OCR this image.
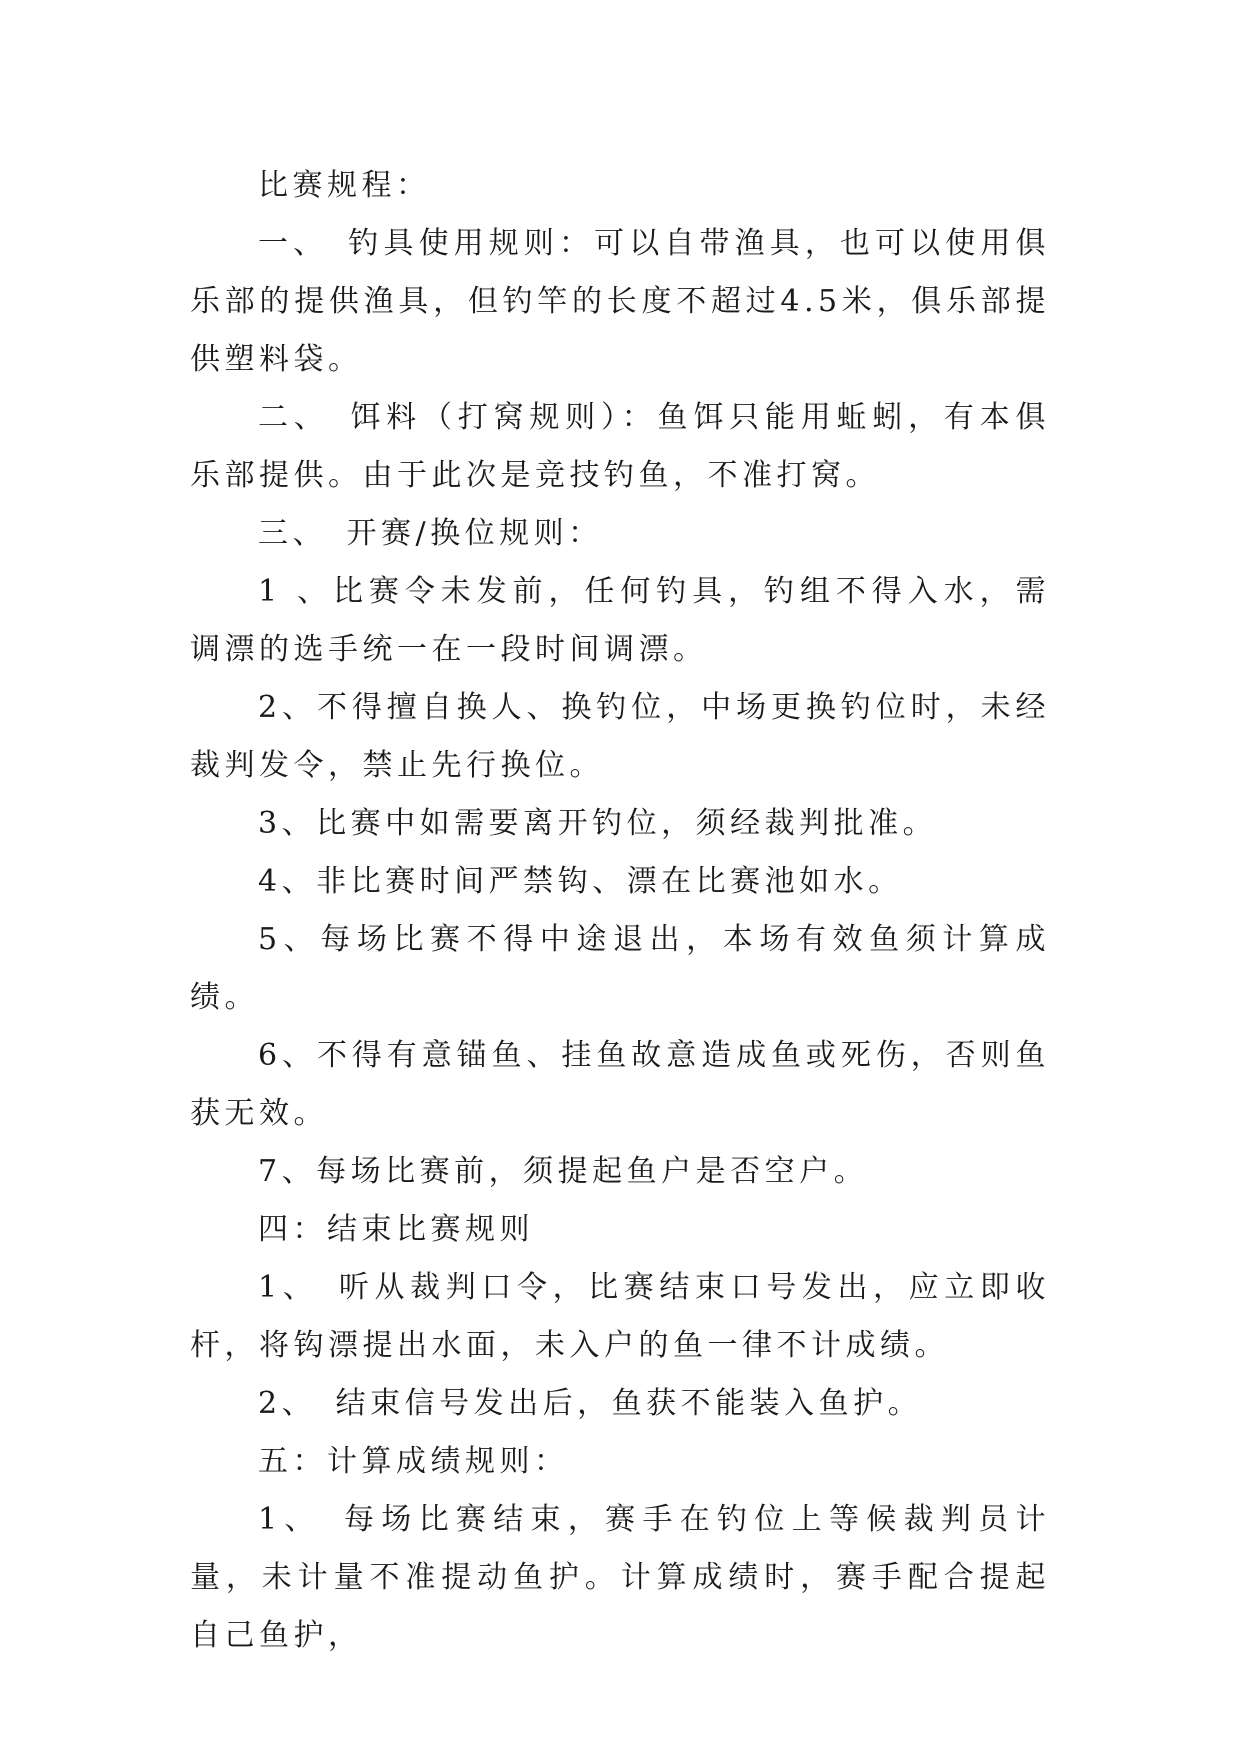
比赛规程：

一、　钓具使用规则：可以自带渔具，也可以使用俱乐部的提供渔具，但钓竿的长度不超过4.5米，俱乐部提供塑料袋。

二、　饵料（打窝规则）：鱼饵只能用蚯蚓，有本俱乐部提供。由于此次是竞技钓鱼，不准打窝。

三、　开赛/换位规则：

1 、比赛令未发前，任何钓具，钓组不得入水，需调漂的选手统一在一段时间调漂。

2、不得擅自换人、换钓位，中场更换钓位时，未经裁判发令，禁止先行换位。

3、比赛中如需要离开钓位，须经裁判批准。

4、非比赛时间严禁钩、漂在比赛池如水。

5、每场比赛不得中途退出，本场有效鱼须计算成绩。

6、不得有意锚鱼、挂鱼故意造成鱼或死伤，否则鱼获无效。

7、每场比赛前，须提起鱼户是否空户。

四：结束比赛规则

1、　听从裁判口令，比赛结束口号发出，应立即收杆，将钩漂提出水面，未入户的鱼一律不计成绩。

2、　结束信号发出后，鱼获不能装入鱼护。

五：计算成绩规则：

1、　每场比赛结束，赛手在钓位上等候裁判员计量，未计量不准提动鱼护。计算成绩时，赛手配合提起自己鱼护，
